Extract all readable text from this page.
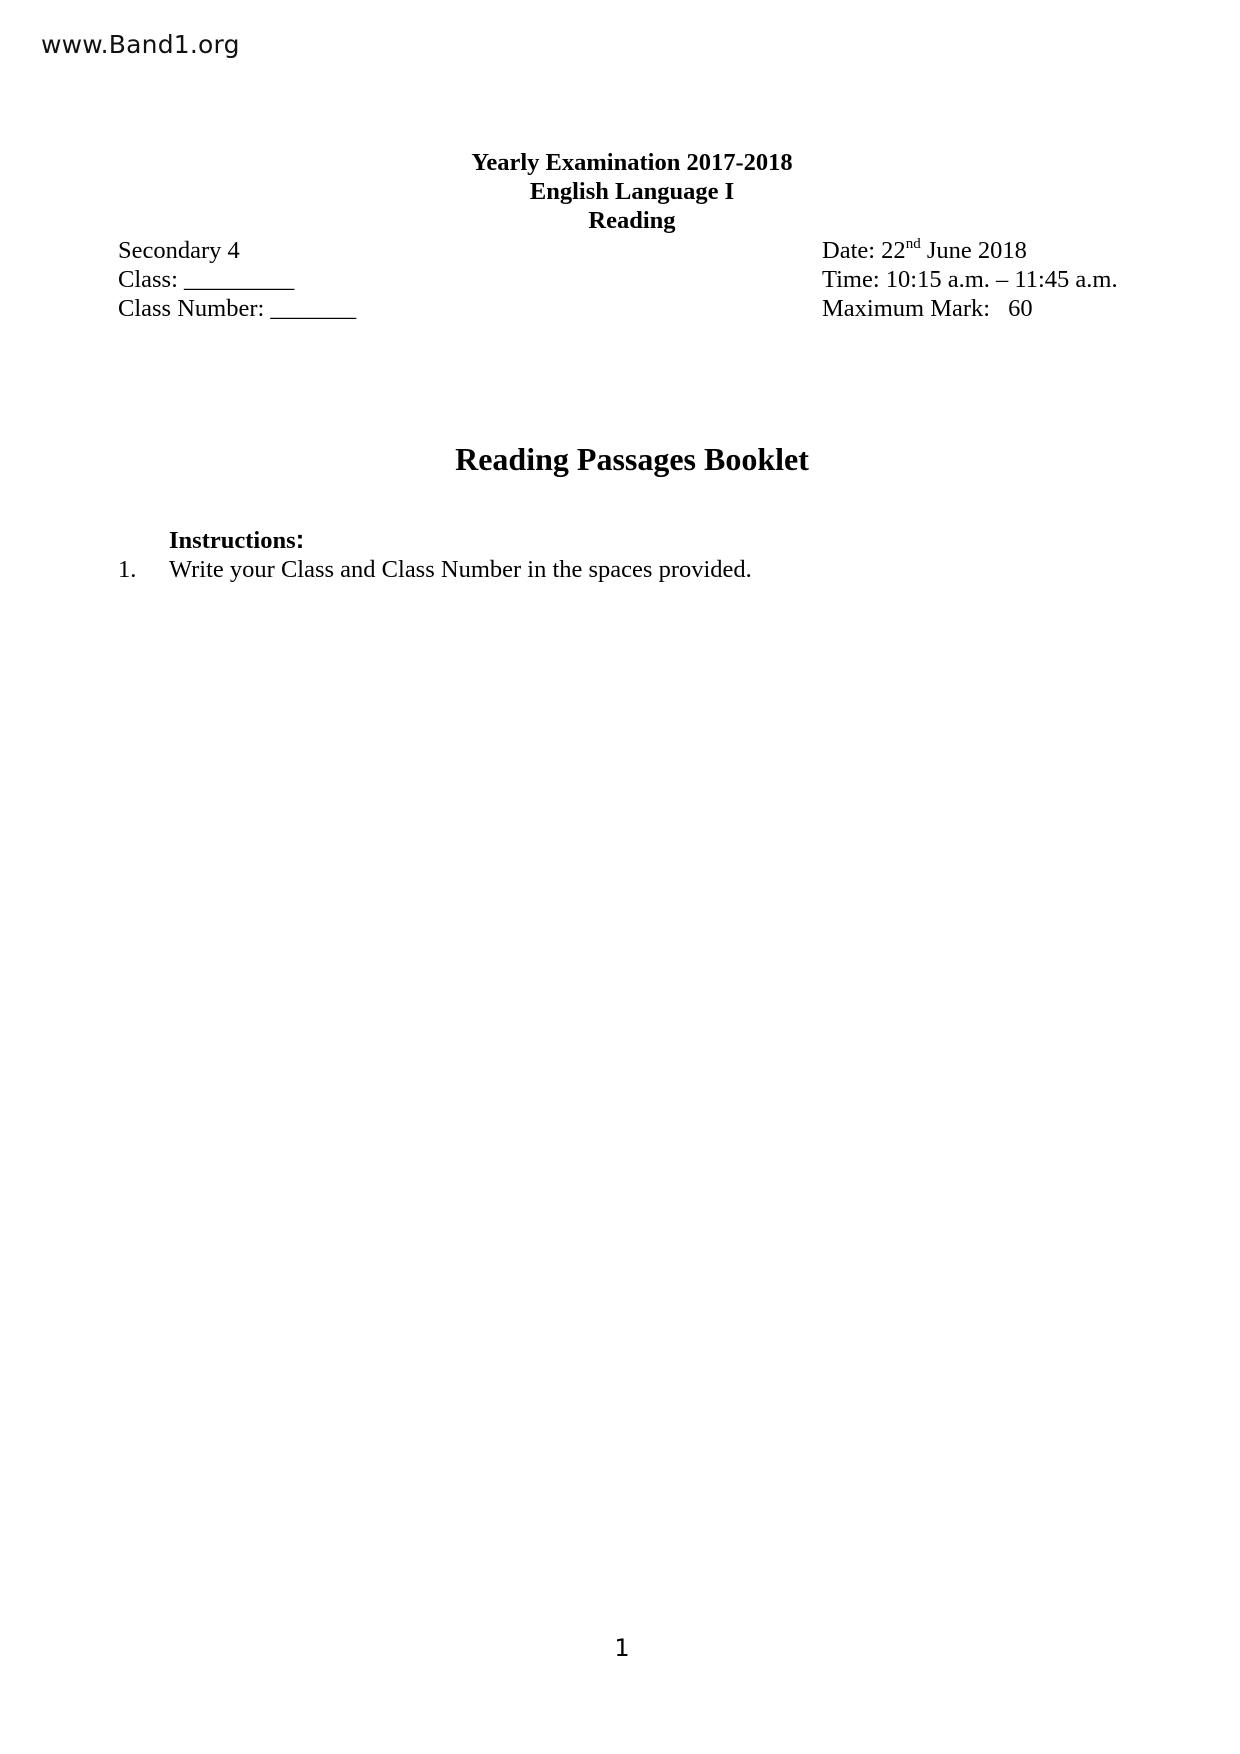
www.Band1.org
Yearly Examination 2017-2018
English Language I
Reading
Secondary 4
Class: _________
Class Number: _______
Date: 22nd June 2018
Time: 10:15 a.m. – 11:45 a.m.
Maximum Mark: 60
Reading Passages Booklet
Instructions:
1.	Write your Class and Class Number in the spaces provided.
1
